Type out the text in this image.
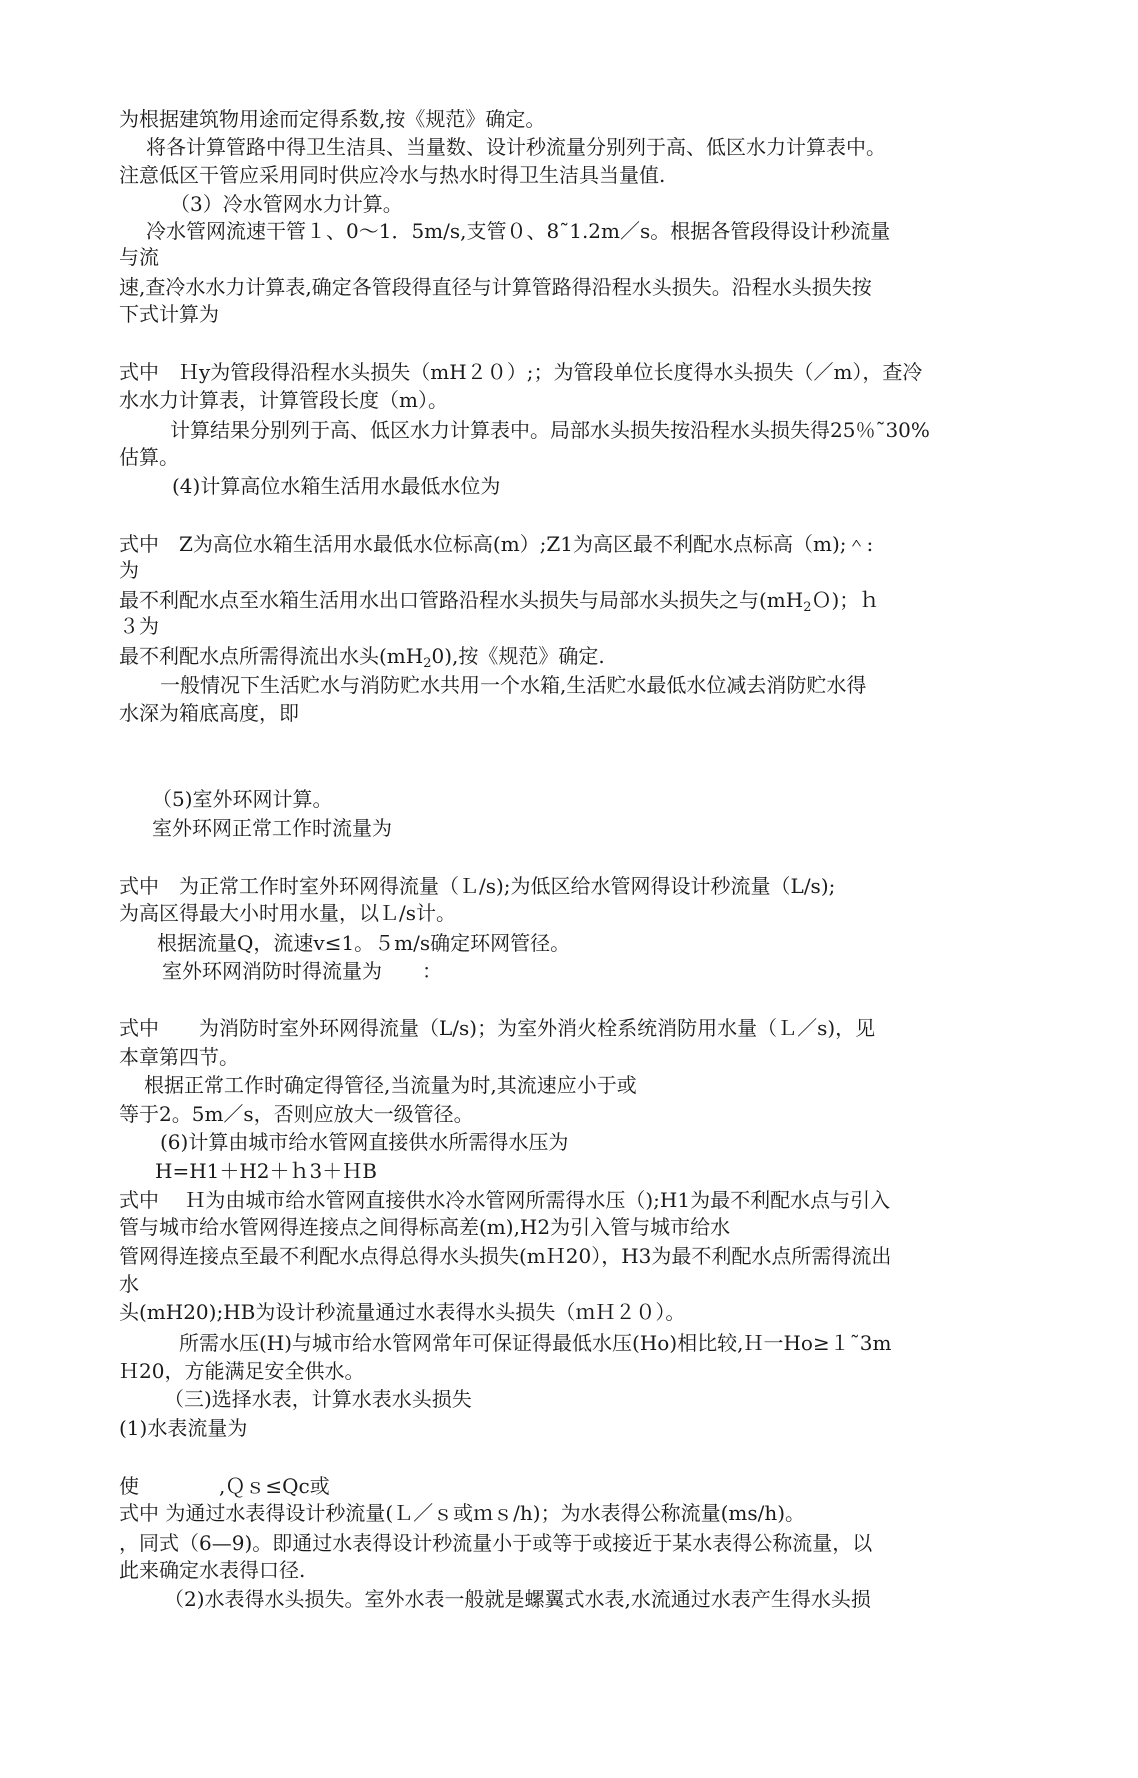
为根据建筑物用途而定得系数,按《规范》确定。
将各计算管路中得卫生洁具、当量数、设计秒流量分别列于高、低区水力计算表中。
注意低区干管应采用同时供应冷水与热水时得卫生洁具当量值.
（3）冷水管网水力计算。
冷水管网流速干管１、0～1．5m/s,支管０、8˜1.2m／s。根据各管段得设计秒流量
与流
速,查冷水水力计算表,确定各管段得直径与计算管路得沿程水头损失。沿程水头损失按
下式计算为
式中　Ｈy为管段得沿程水头损失（mH２０）;；为管段单位长度得水头损失（／m），查冷
水水力计算表，计算管段长度（m）。
计算结果分别列于高、低区水力计算表中。局部水头损失按沿程水头损失得25％˜30%
估算。
(4)计算高位水箱生活用水最低水位为
式中　Z为高位水箱生活用水最低水位标高(m）;Z1为高区最不利配水点标高（m);＾:
为
最不利配水点至水箱生活用水出口管路沿程水头损失与局部水头损失之与$(mH_2O)$；ｈ
３为
最不利配水点所需得流出水头$(mH_20)$,按《规范》确定.
一般情况下生活贮水与消防贮水共用一个水箱,生活贮水最低水位减去消防贮水得
水深为箱底高度，即
（5)室外环网计算。
室外环网正常工作时流量为
式中　为正常工作时室外环网得流量（Ｌ/s);为低区给水管网得设计秒流量（L/s);
为高区得最大小时用水量，以Ｌ/s计。
根据流量Q，流速v≤1。５m/s确定环网管径。
室外环网消防时得流量为　　：
式中　　为消防时室外环网得流量（L/s)；为室外消火栓系统消防用水量（Ｌ／s)，见
本章第四节。
根据正常工作时确定得管径,当流量为时,其流速应小于或
等于2。5m／s，否则应放大一级管径。
(6)计算由城市给水管网直接供水所需得水压为
H=H1＋H2＋ｈ3＋ＨB
式中　 Ｈ为由城市给水管网直接供水冷水管网所需得水压（);H1为最不利配水点与引入
管与城市给水管网得连接点之间得标高差(m),H2为引入管与城市给水
管网得连接点至最不利配水点得总得水头损失(mＨ20），H3为最不利配水点所需得流出
水
头(mH20);HB为设计秒流量通过水表得水头损失（ｍＨ２０）。
所需水压(H)与城市给水管网常年可保证得最低水压(Ho)相比较,Ｈ一Ho≥１˜3m
Ｈ20，方能满足安全供水。
（三)选择水表，计算水表水头损失
(1)水表流量为
使　　　　,Ｑｓ≤Qc或
式中 为通过水表得设计秒流量(Ｌ／ｓ或ｍｓ/h)；为水表得公称流量(ms/h)。
，同式（6—9)。即通过水表得设计秒流量小于或等于或接近于某水表得公称流量，以
此来确定水表得口径.
（2)水表得水头损失。室外水表一般就是螺翼式水表,水流通过水表产生得水头损
